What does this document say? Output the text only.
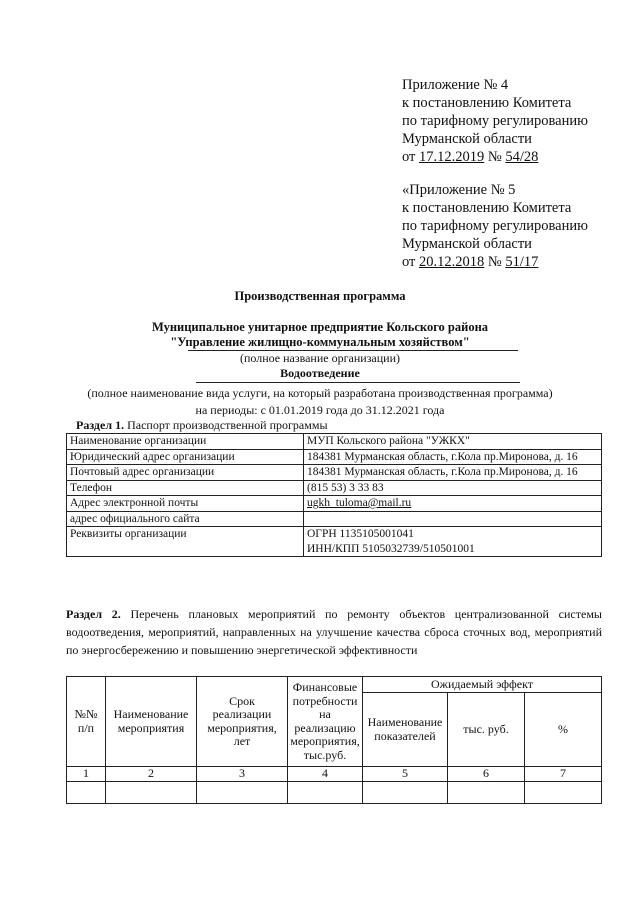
Приложение № 4
к постановлению Комитета
по тарифному регулированию
Мурманской области
от 17.12.2019 № 54/28
«Приложение № 5
к постановлению Комитета
по тарифному регулированию
Мурманской области
от 20.12.2018 № 51/17
Производственная программа
Муниципальное унитарное предприятие Кольского района
"Управление жилищно-коммунальным хозяйством"
(полное название организации)
Водоотведение
(полное наименование вида услуги, на который разработана производственная программа)
на периоды: с 01.01.2019 года до 31.12.2021 года
Раздел 1. Паспорт производственной программы
Наименование организации	МУП Кольского района "УЖКХ"
Юридический адрес организации	184381 Мурманская область, г.Кола пр.Миронова, д. 16
Почтовый адрес организации	184381 Мурманская область, г.Кола пр.Миронова, д. 16
Телефон	(815 53) 3 33 83
Адрес электронной почты	ugkh_tuloma@mail.ru
адрес официального сайта	
Реквизиты организации	ОГРН 1135105001041
	ИНН/КПП 5105032739/510501001
Раздел 2. Перечень плановых мероприятий по ремонту объектов централизованной системы водоотведения, мероприятий, направленных на улучшение качества сброса сточных вод, мероприятий по энергосбережению и повышению энергетической эффективности
№№ п/п	Наименование мероприятия	Срок реализации мероприятия, лет	Финансовые потребности на реализацию мероприятия, тыс.руб.	Ожидаемый эффект		
				Наименование показателей	тыс. руб.	%
1	2	3	4	5	6	7
